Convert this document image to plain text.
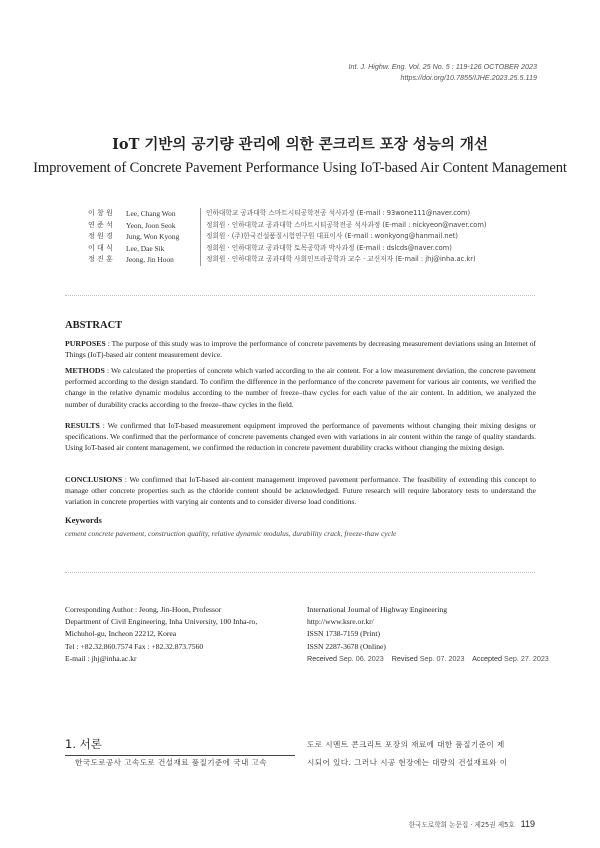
Int. J. Highw. Eng. Vol. 25 No. 5 : 119-126 OCTOBER 2023
https://doi.org/10.7855/IJHE.2023.25.5.119
IoT 기반의 공기량 관리에 의한 콘크리트 포장 성능의 개선
Improvement of Concrete Pavement Performance Using IoT-based Air Content Management
이 창 원	Lee, Chang Won	인하대학교 공과대학 스마트시티공학전공 석사과정 (E-mail : 93wone111@naver.com)
연 준 석	Yeon, Joon Seok	정회원 · 인하대학교 공과대학 스마트시티공학전공 석사과정 (E-mail : nickyeon@naver.com)
정 원 경	Jung, Won Kyong	정회원 · (주)한국건설품질시험연구원 대표이사 (E-mail : wonkyong@hanmail.net)
이 대 식	Lee, Dae Sik	정회원 · 인하대학교 공과대학 토목공학과 박사과정 (E-mail : dslcds@naver.com)
정 진 훈	Jeong, Jin Hoon	정회원 · 인하대학교 공과대학 사회인프라공학과 교수 · 교신저자 (E-mail : jhj@inha.ac.kr)
ABSTRACT
PURPOSES : The purpose of this study was to improve the performance of concrete pavements by decreasing measurement deviations using an Internet of Things (IoT)-based air content measurement device.
METHODS : We calculated the properties of concrete which varied according to the air content. For a low measurement deviation, the concrete pavement performed according to the design standard. To confirm the difference in the performance of the concrete pavement for various air contents, we verified the change in the relative dynamic modulus according to the number of freeze–thaw cycles for each value of the air content. In addition, we analyzed the number of durability cracks according to the freeze–thaw cycles in the field.
RESULTS : We confirmed that IoT-based measurement equipment improved the performance of pavements without changing their mixing designs or specifications. We confirmed that the performance of concrete pavements changed even with variations in air content within the range of quality standards. Using IoT-based air content management, we confirmed the reduction in concrete pavement durability cracks without changing the mixing design.
CONCLUSIONS : We confirmed that IoT-based air-content management improved pavement performance. The feasibility of extending this concept to manage other concrete properties such as the chloride content should be acknowledged. Future research will require laboratory tests to understand the variation in concrete properties with varying air contents and to consider diverse load conditions.
Keywords
cement concrete pavement, construction quality, relative dynamic modulus, durability crack, freeze-thaw cycle
Corresponding Author : Jeong, Jin-Hoon, Professor
Department of Civil Engineering, Inha University, 100 Inha-ro,
Michuhol-gu, Incheon 22212, Korea
Tel : +82.32.860.7574 Fax : +82.32.873.7560
E-mail : jhj@inha.ac.kr
International Journal of Highway Engineering
http://www.ksre.or.kr/
ISSN 1738-7159 (Print)
ISSN 2287-3678 (Online)
Received Sep. 06. 2023 Revised Sep. 07. 2023 Accepted Sep. 27. 2023
1. 서론
한국도로공사 고속도로 건설재료 품질기준에 국내 고속
도로 시멘트 콘크리트 포장의 재료에 대한 품질기준이 제
시되어 있다. 그러나 시공 현장에는 대량의 건설재료와 이
한국도로학회 논문집 · 제25권 제5호 119
